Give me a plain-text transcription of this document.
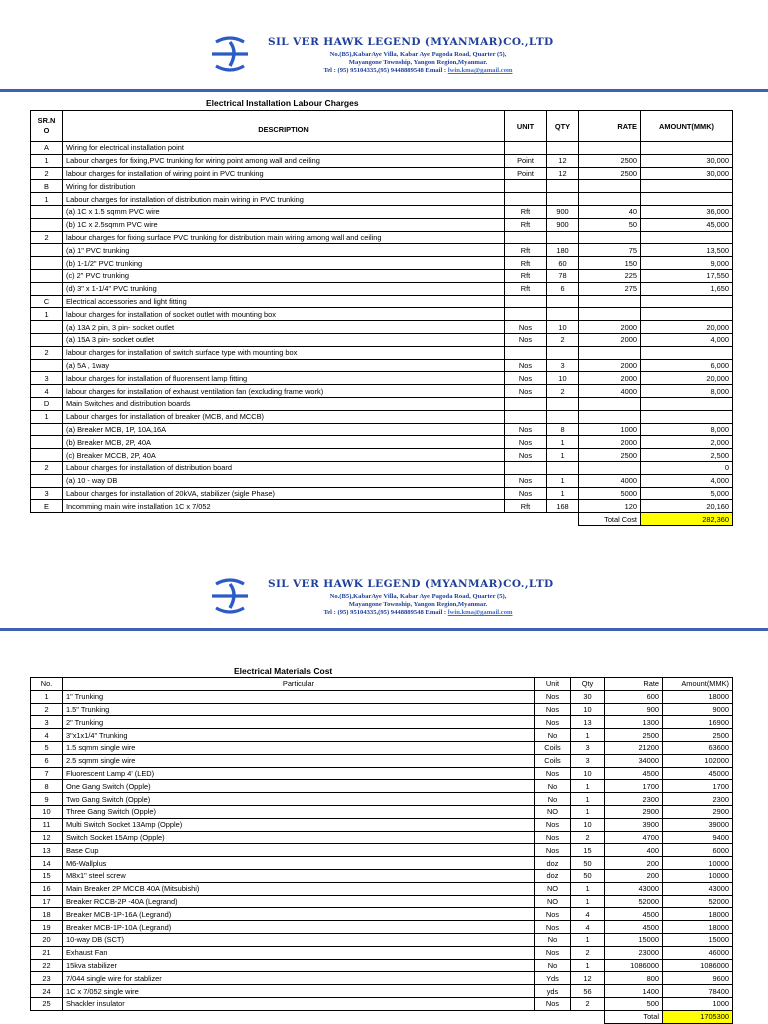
SIL VER HAWK LEGEND (MYANMAR)CO.,LTD
No.(B5),KabarAye Villa, Kabar Aye Pagoda Road, Quarter (5),
Mayangone Township, Yangon Region,Myanmar.
Tel : (95) 95104335,(95) 9448889548 Email : lwin.kma@gamail.com
Electrical Installation Labour Charges
SR.N O	DESCRIPTION	UNIT	QTY	RATE	AMOUNT(MMK)
A	Wiring for electrical installation point				
1	Labour charges for fixing,PVC trunking for wiring point among wall and ceiling	Point	12	2500	30,000
2	labour charges for installation of wiring point in PVC trunking	Point	12	2500	30,000
B	Wiring for distribution				
1	Labour charges for installation of distribution main wiring in PVC trunking				
	(a) 1C x 1.5 sqmm PVC wire	Rft	900	40	36,000
	(b) 1C x 2.5sqmm PVC wire	Rft	900	50	45,000
2	labour charges for fixing surface PVC trunking for distribution main wiring among wall and ceiling				
	(a) 1" PVC trunking	Rft	180	75	13,500
	(b) 1-1/2" PVC trunking	Rft	60	150	9,000
	(c) 2" PVC trunking	Rft	78	225	17,550
	(d) 3" x 1-1/4" PVC trunking	Rft	6	275	1,650
C	Electrical accessories and light fitting				
1	labour charges for installation of socket outlet with mounting box				
	(a) 13A 2 pin, 3 pin- socket outlet	Nos	10	2000	20,000
	(a) 15A 3 pin- socket outlet	Nos	2	2000	4,000
2	labour charges for installation of switch surface type with mounting box				
	(a) 5A , 1way	Nos	3	2000	6,000
3	labour charges for installation of fluorensent lamp fitting	Nos	10	2000	20,000
4	labour charges for installation of exhaust ventilation fan (excluding frame work)	Nos	2	4000	8,000
D	Main Switches and distribution boards				
1	Labour charges for installation of breaker (MCB, and MCCB)				
	(a) Breaker MCB, 1P, 10A,16A	Nos	8	1000	8,000
	(b) Breaker MCB, 2P, 40A	Nos	1	2000	2,000
	(c) Breaker MCCB, 2P, 40A	Nos	1	2500	2,500
2	Labour charges for installation of distribution board				0
	(a) 10 - way DB	Nos	1	4000	4,000
3	Labour charges for installation of 20kVA, stabilizer (sigle Phase)	Nos	1	5000	5,000
E	Incomming main wire installation 1C x 7/052	Rft	168	120	20,160
				Total Cost	282,360
SIL VER HAWK LEGEND (MYANMAR)CO.,LTD
No.(B5),KabarAye Villa, Kabar Aye Pagoda Road, Quarter (5),
Mayangone Township, Yangon Region,Myanmar.
Tel : (95) 95104335,(95) 9448889548 Email : lwin.kma@gamail.com
Electrical Materials Cost
No.	Particular	Unit	Qty	Rate	Amount(MMK)
1	1" Trunking	Nos	30	600	18000
2	1.5" Trunking	Nos	10	900	9000
3	2" Trunking	Nos	13	1300	16900
4	3"x1x1/4" Trunking	No	1	2500	2500
5	1.5 sqmm single wire	Coils	3	21200	63600
6	2.5 sqmm single wire	Coils	3	34000	102000
7	Fluorescent Lamp 4' (LED)	Nos	10	4500	45000
8	One Gang Switch (Opple)	No	1	1700	1700
9	Two Gang Switch (Opple)	No	1	2300	2300
10	Three Gang Switch (Opple)	NO	1	2900	2900
11	Multi Switch Socket 13Amp (Opple)	Nos	10	3900	39000
12	Switch Socket 15Amp (Opple)	Nos	2	4700	9400
13	Base Cup	Nos	15	400	6000
14	M6-Wallplus	doz	50	200	10000
15	M8x1" steel screw	doz	50	200	10000
16	Main Breaker 2P MCCB 40A (Mitsubishi)	NO	1	43000	43000
17	Breaker RCCB-2P -40A (Legrand)	NO	1	52000	52000
18	Breaker MCB-1P-16A (Legrand)	Nos	4	4500	18000
19	Breaker MCB-1P-10A (Legrand)	Nos	4	4500	18000
20	10-way DB (SCT)	No	1	15000	15000
21	Exhaust Fan	Nos	2	23000	46000
22	15kva stabilizer	No	1	1086000	1086000
23	7/044 single wire for stablizer	Yds	12	800	9600
24	1C x 7/052 single wire	yds	56	1400	78400
25	Shackler insulator	Nos	2	500	1000
				Total	1705300
